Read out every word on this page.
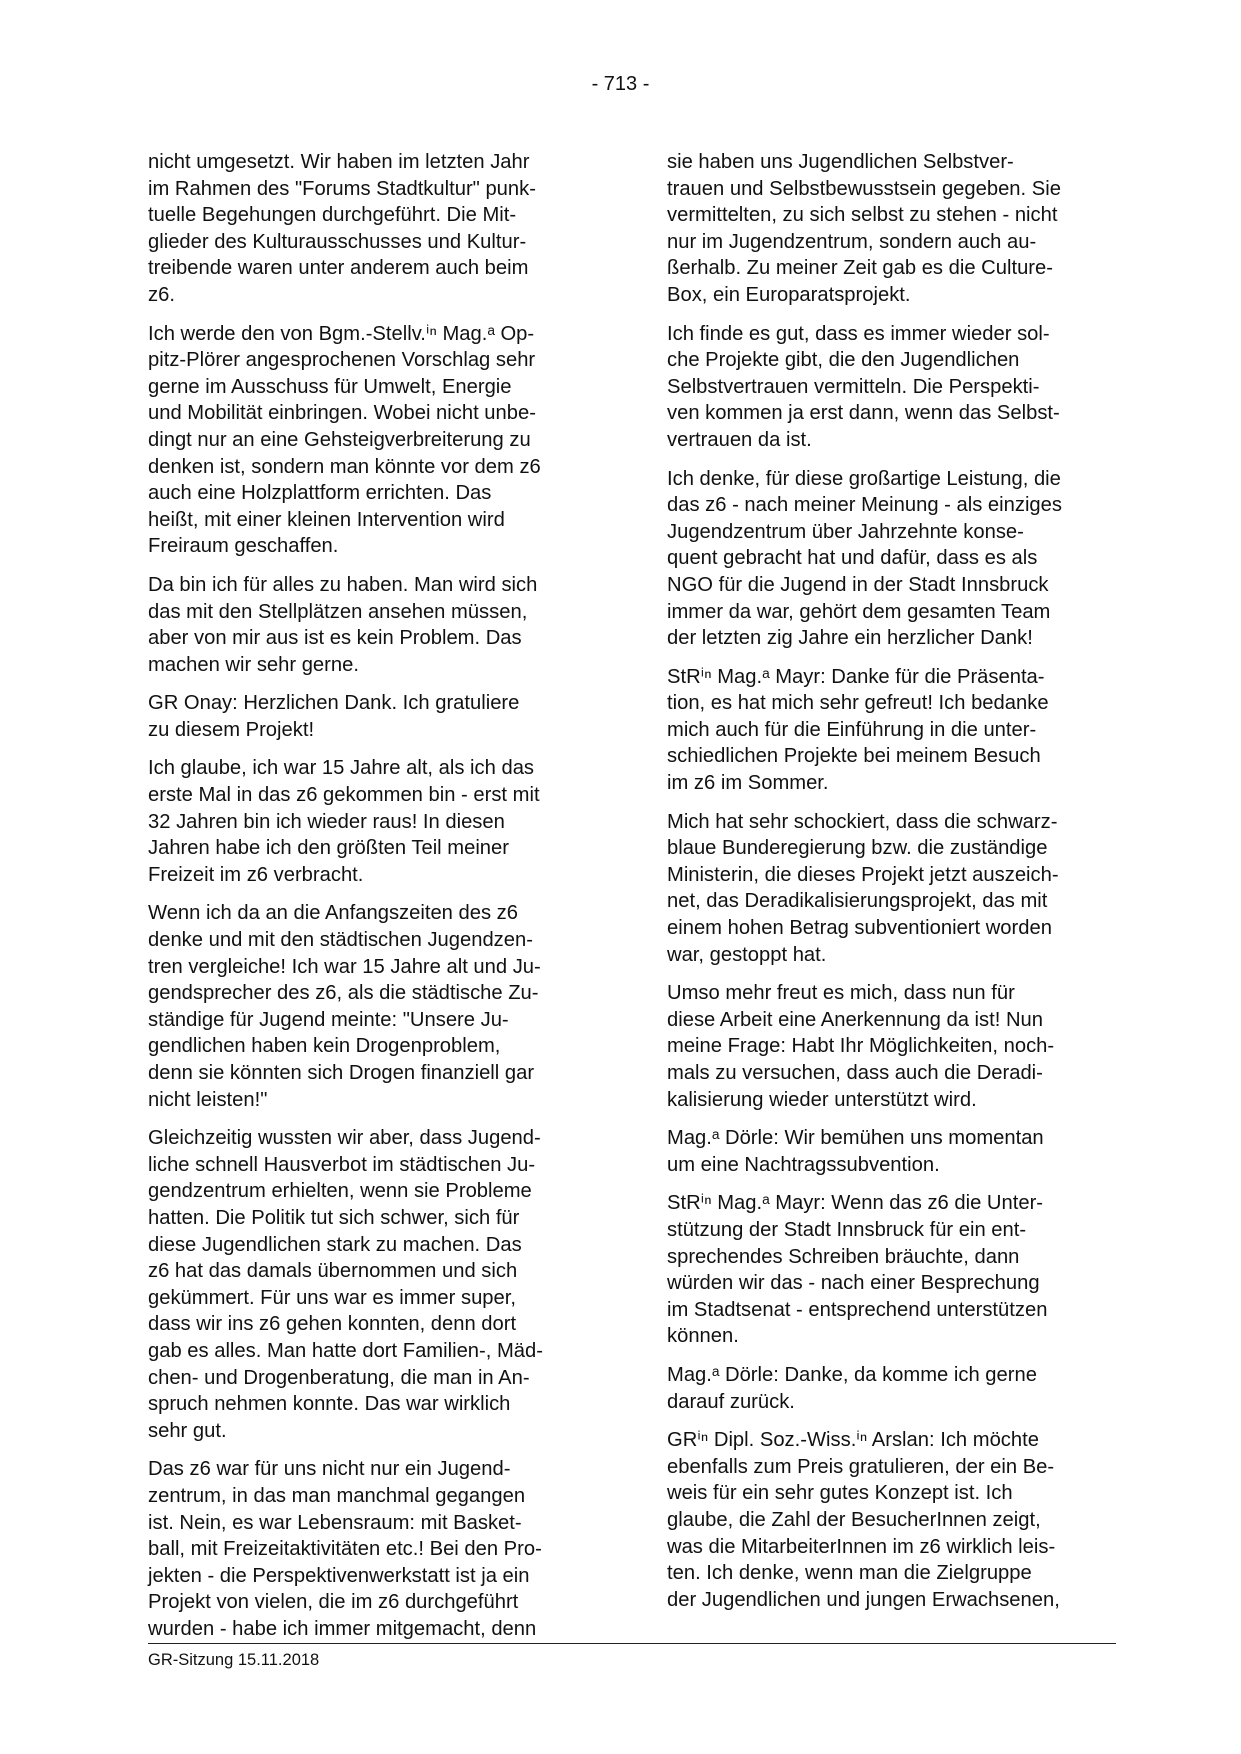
- 713 -

nicht umgesetzt. Wir haben im letzten Jahr
im Rahmen des "Forums Stadtkultur" punk-
tuelle Begehungen durchgeführt. Die Mit-
glieder des Kulturausschusses und Kultur-
treibende waren unter anderem auch beim
z6.

Ich werde den von Bgm.-Stellv.ⁱⁿ Mag.ᵃ Op-
pitz-Plörer angesprochenen Vorschlag sehr
gerne im Ausschuss für Umwelt, Energie
und Mobilität einbringen. Wobei nicht unbe-
dingt nur an eine Gehsteigverbreiterung zu
denken ist, sondern man könnte vor dem z6
auch eine Holzplattform errichten. Das
heißt, mit einer kleinen Intervention wird
Freiraum geschaffen.

Da bin ich für alles zu haben. Man wird sich
das mit den Stellplätzen ansehen müssen,
aber von mir aus ist es kein Problem. Das
machen wir sehr gerne.

GR Onay: Herzlichen Dank. Ich gratuliere
zu diesem Projekt!

Ich glaube, ich war 15 Jahre alt, als ich das
erste Mal in das z6 gekommen bin - erst mit
32 Jahren bin ich wieder raus! In diesen
Jahren habe ich den größten Teil meiner
Freizeit im z6 verbracht.

Wenn ich da an die Anfangszeiten des z6
denke und mit den städtischen Jugendzen-
tren vergleiche! Ich war 15 Jahre alt und Ju-
gendsprecher des z6, als die städtische Zu-
ständige für Jugend meinte: "Unsere Ju-
gendlichen haben kein Drogenproblem,
denn sie könnten sich Drogen finanziell gar
nicht leisten!"

Gleichzeitig wussten wir aber, dass Jugend-
liche schnell Hausverbot im städtischen Ju-
gendzentrum erhielten, wenn sie Probleme
hatten. Die Politik tut sich schwer, sich für
diese Jugendlichen stark zu machen. Das
z6 hat das damals übernommen und sich
gekümmert. Für uns war es immer super,
dass wir ins z6 gehen konnten, denn dort
gab es alles. Man hatte dort Familien-, Mäd-
chen- und Drogenberatung, die man in An-
spruch nehmen konnte. Das war wirklich
sehr gut.

Das z6 war für uns nicht nur ein Jugend-
zentrum, in das man manchmal gegangen
ist. Nein, es war Lebensraum: mit Basket-
ball, mit Freizeitaktivitäten etc.! Bei den Pro-
jekten - die Perspektivenwerkstatt ist ja ein
Projekt von vielen, die im z6 durchgeführt
wurden - habe ich immer mitgemacht, denn

sie haben uns Jugendlichen Selbstver-
trauen und Selbstbewusstsein gegeben. Sie
vermittelten, zu sich selbst zu stehen - nicht
nur im Jugendzentrum, sondern auch au-
ßerhalb. Zu meiner Zeit gab es die Culture-
Box, ein Europaratsprojekt.

Ich finde es gut, dass es immer wieder sol-
che Projekte gibt, die den Jugendlichen
Selbstvertrauen vermitteln. Die Perspekti-
ven kommen ja erst dann, wenn das Selbst-
vertrauen da ist.

Ich denke, für diese großartige Leistung, die
das z6 - nach meiner Meinung - als einziges
Jugendzentrum über Jahrzehnte konse-
quent gebracht hat und dafür, dass es als
NGO für die Jugend in der Stadt Innsbruck
immer da war, gehört dem gesamten Team
der letzten zig Jahre ein herzlicher Dank!

StRⁱⁿ Mag.ᵃ Mayr: Danke für die Präsenta-
tion, es hat mich sehr gefreut! Ich bedanke
mich auch für die Einführung in die unter-
schiedlichen Projekte bei meinem Besuch
im z6 im Sommer.

Mich hat sehr schockiert, dass die schwarz-
blaue Bunderegierung bzw. die zuständige
Ministerin, die dieses Projekt jetzt auszeich-
net, das Deradikalisierungsprojekt, das mit
einem hohen Betrag subventioniert worden
war, gestoppt hat.

Umso mehr freut es mich, dass nun für
diese Arbeit eine Anerkennung da ist! Nun
meine Frage: Habt Ihr Möglichkeiten, noch-
mals zu versuchen, dass auch die Deradi-
kalisierung wieder unterstützt wird.

Mag.ᵃ Dörle: Wir bemühen uns momentan
um eine Nachtragssubvention.

StRⁱⁿ Mag.ᵃ Mayr: Wenn das z6 die Unter-
stützung der Stadt Innsbruck für ein ent-
sprechendes Schreiben bräuchte, dann
würden wir das - nach einer Besprechung
im Stadtsenat - entsprechend unterstützen
können.

Mag.ᵃ Dörle: Danke, da komme ich gerne
darauf zurück.

GRⁱⁿ Dipl. Soz.-Wiss.ⁱⁿ Arslan: Ich möchte
ebenfalls zum Preis gratulieren, der ein Be-
weis für ein sehr gutes Konzept ist. Ich
glaube, die Zahl der BesucherInnen zeigt,
was die MitarbeiterInnen im z6 wirklich leis-
ten. Ich denke, wenn man die Zielgruppe
der Jugendlichen und jungen Erwachsenen,

GR-Sitzung 15.11.2018
